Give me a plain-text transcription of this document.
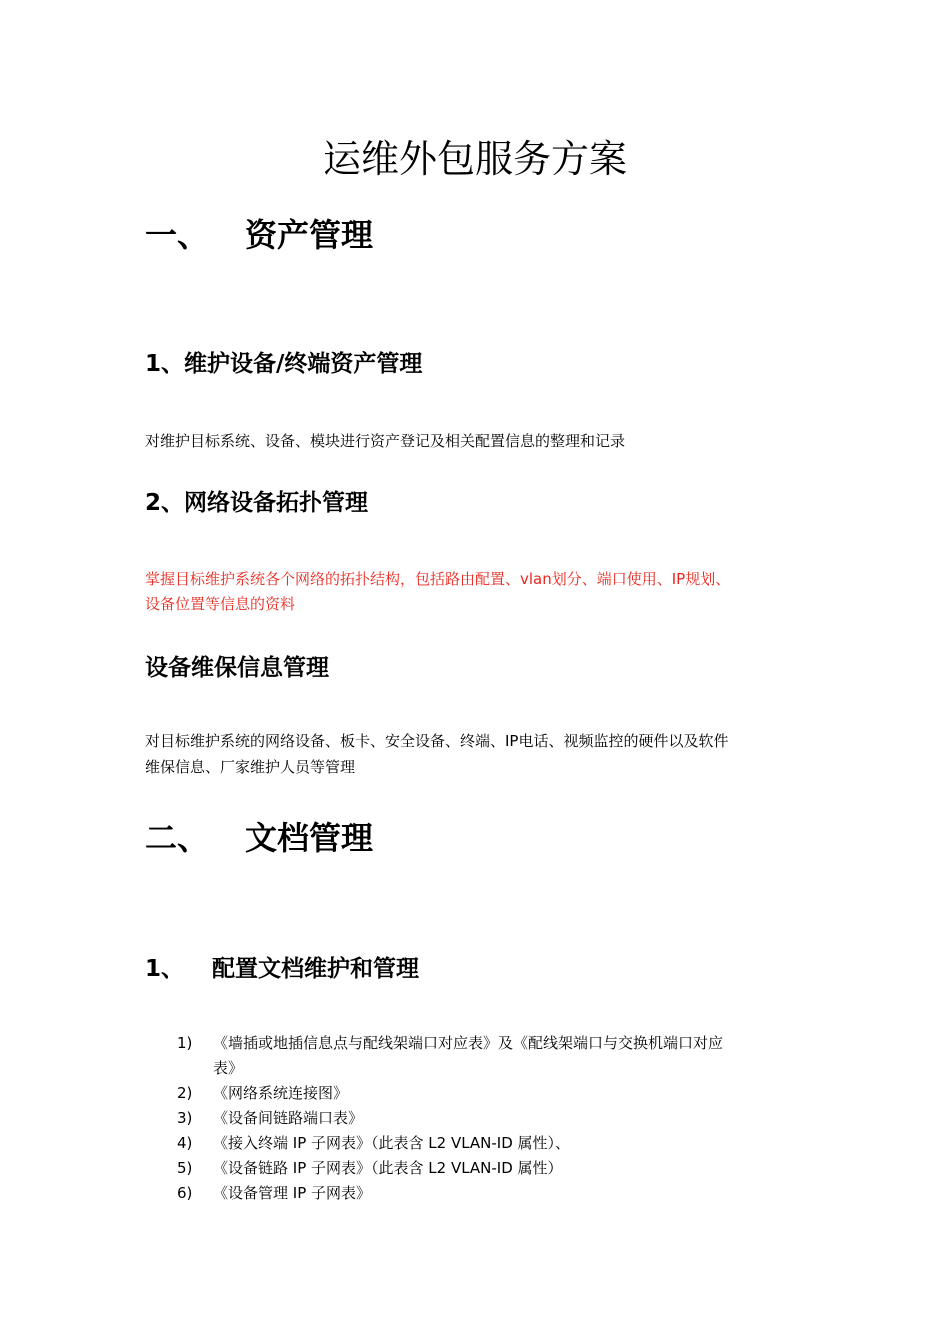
运维外包服务方案
一、 资产管理
1、维护设备/终端资产管理
对维护目标系统、设备、模块进行资产登记及相关配置信息的整理和记录
2、网络设备拓扑管理
掌握目标维护系统各个网络的拓扑结构，包括路由配置、vlan划分、端口使用、IP规划、
设备位置等信息的资料
设备维保信息管理
对目标维护系统的网络设备、板卡、安全设备、终端、IP电话、视频监控的硬件以及软件
维保信息、厂家维护人员等管理
二、 文档管理
1、 配置文档维护和管理
1) 《墙插或地插信息点与配线架端口对应表》及《配线架端口与交换机端口对应
表》
2) 《网络系统连接图》
3) 《设备间链路端口表》
4) 《接入终端 IP 子网表》（此表含 L2 VLAN-ID 属性）、
5) 《设备链路 IP 子网表》（此表含 L2 VLAN-ID 属性）
6) 《设备管理 IP 子网表》
